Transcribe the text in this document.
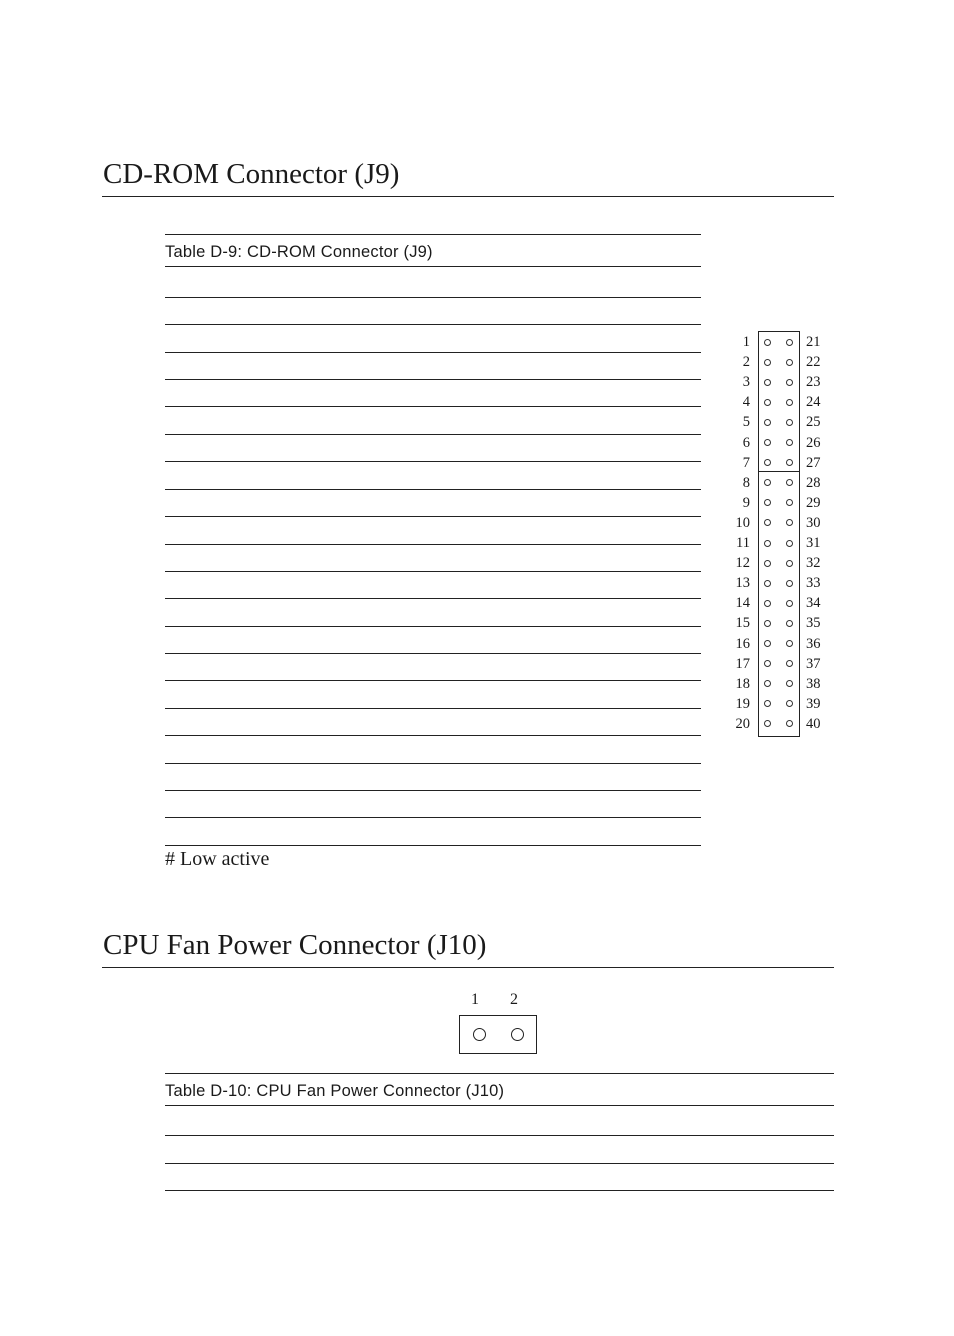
CD-ROM Connector (J9)
Table D-9: CD-ROM Connector (J9)
# Low active
1	21
2	22
3	23
4	24
5	25
6	26
7	27
8	28
9	29
10	30
11	31
12	32
13	33
14	34
15	35
16	36
17	37
18	38
19	39
20	40
CPU Fan Power Connector (J10)
1 2
Table D-10: CPU Fan Power Connector (J10)
